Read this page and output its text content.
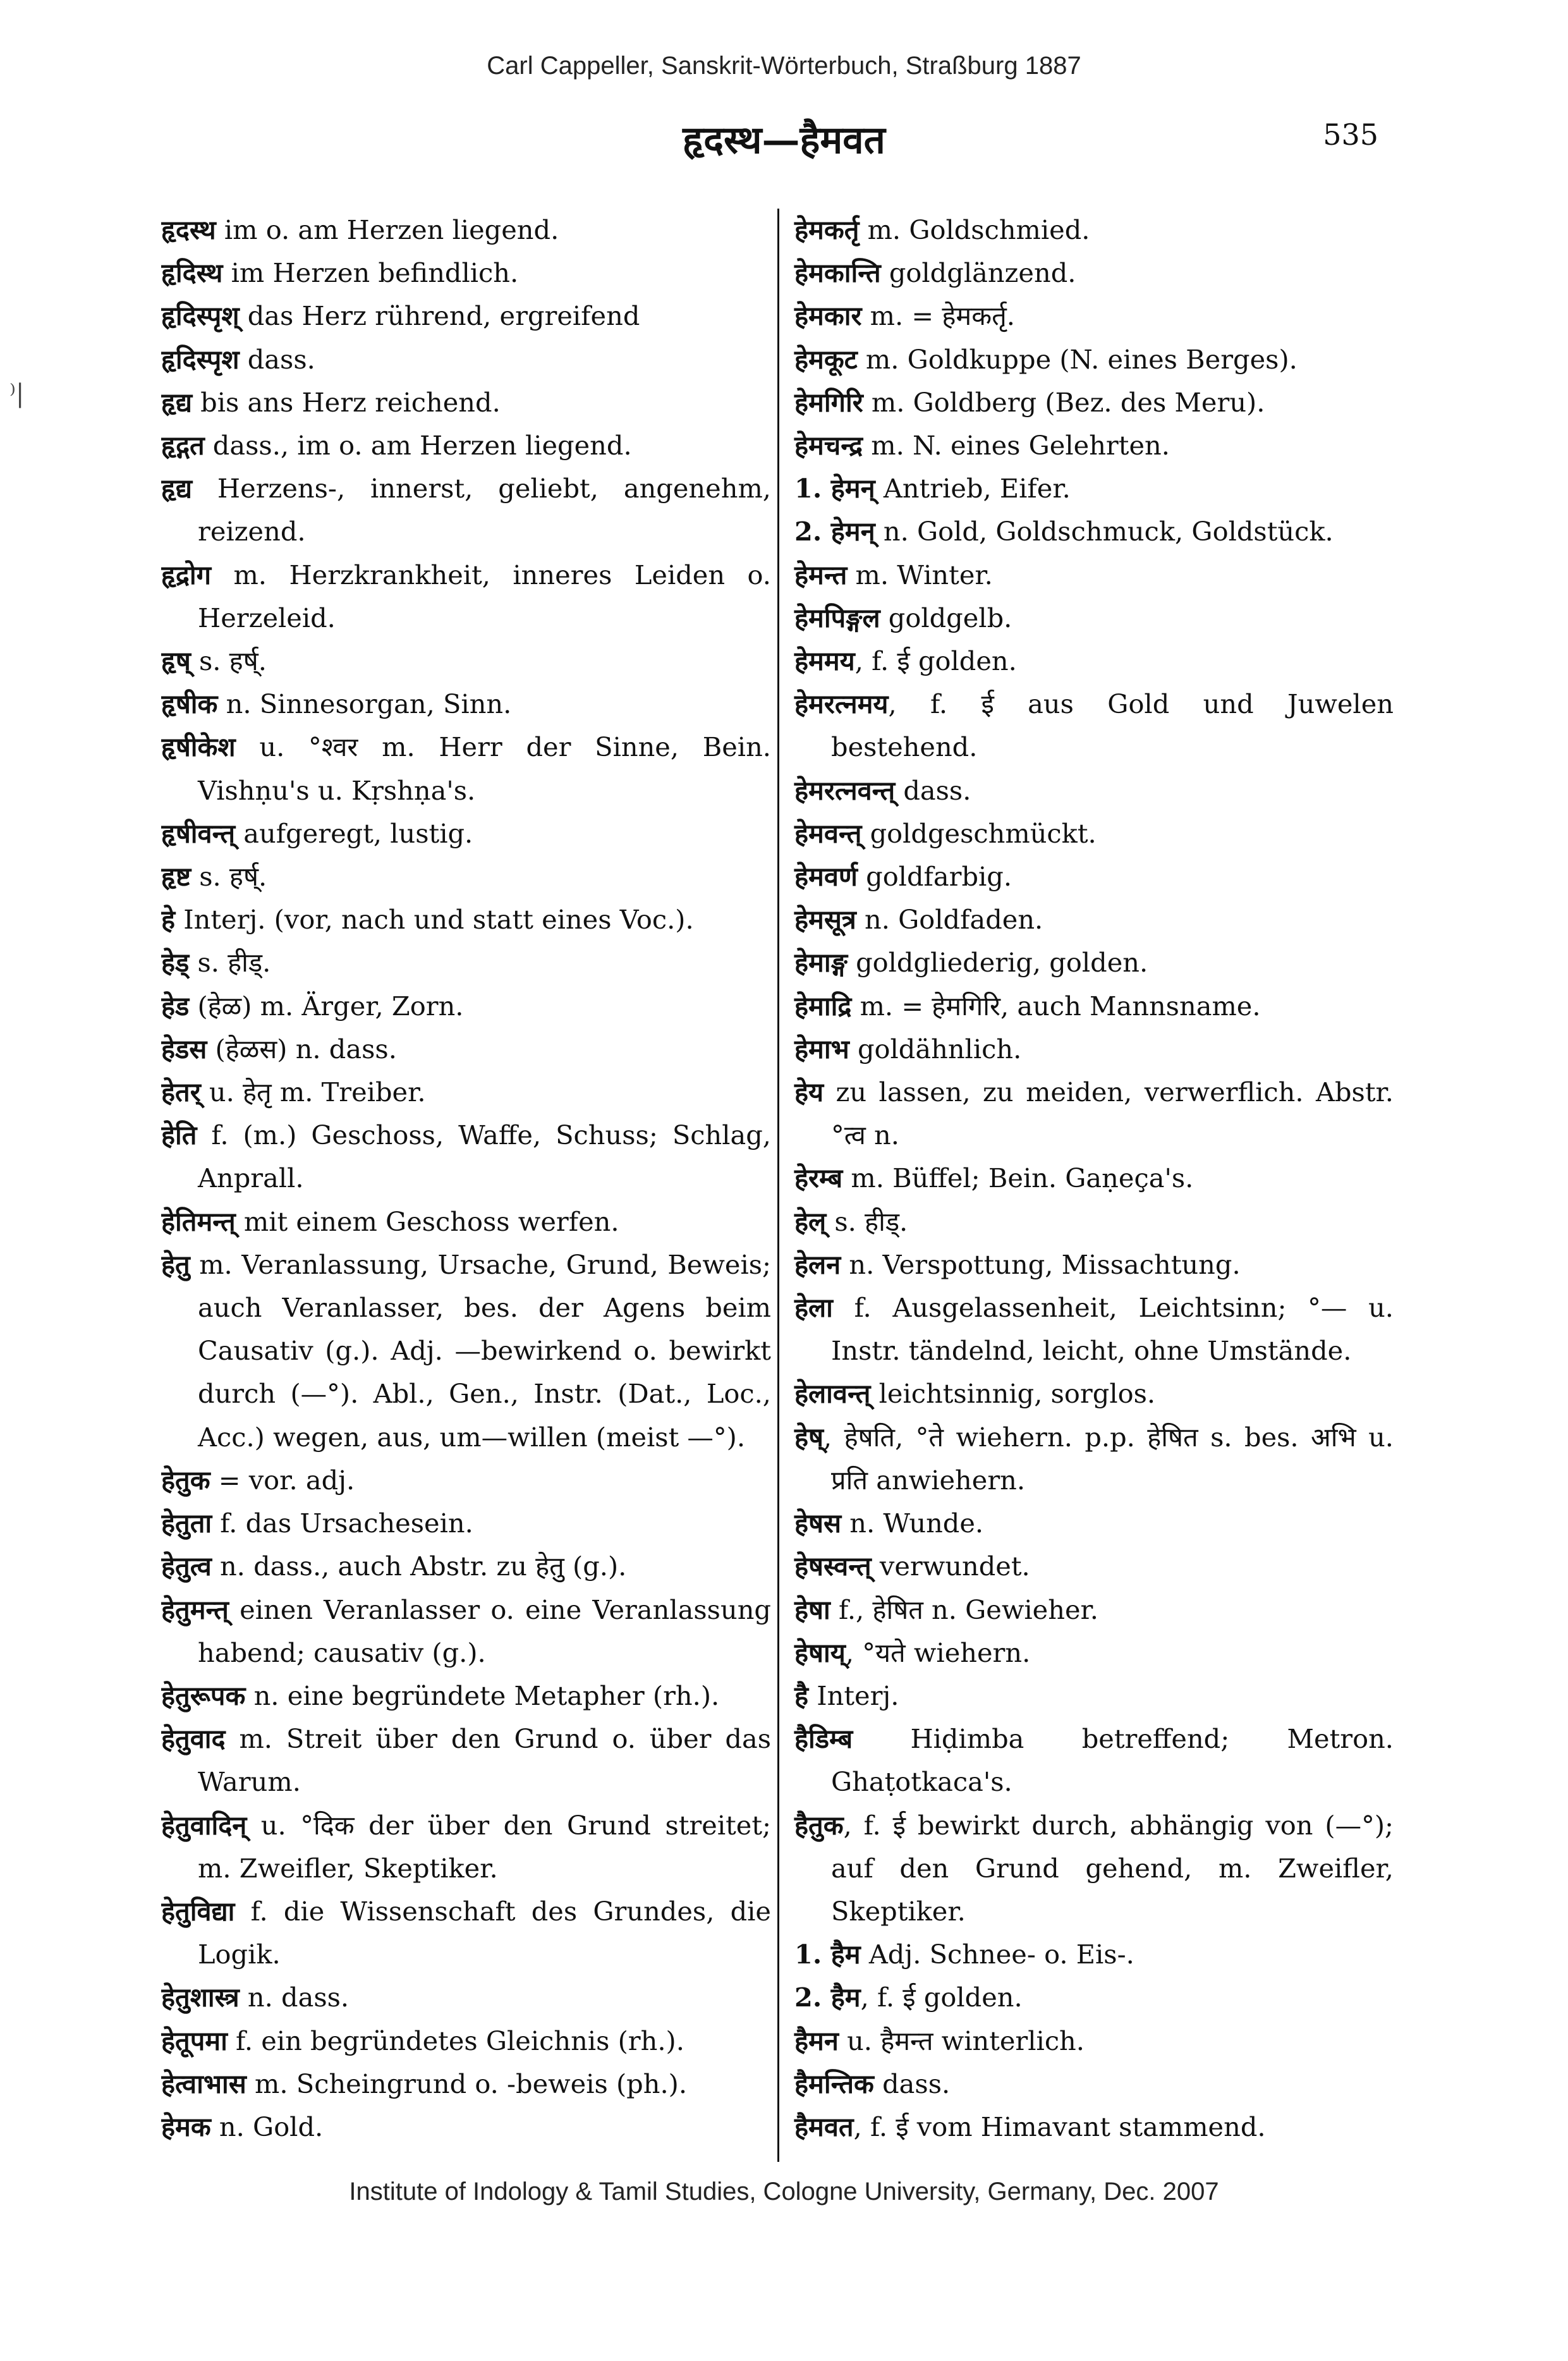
Carl Cappeller, Sanskrit-Wörterbuch, Straßburg 1887
हृदस्थ—हैमवत	535
⁾|
हृदस्थ im o. am Herzen liegend.
हृदिस्थ im Herzen befindlich.
हृदिस्पृश् das Herz rührend, ergreifend
हृदिस्पृश dass.
हृद्य bis ans Herz reichend.
हृद्गत dass., im o. am Herzen liegend.
हृद्य Herzens-, innerst, geliebt, angenehm, reizend.
हृद्रोग m. Herzkrankheit, inneres Leiden o. Herzeleid.
हृष् s. हर्ष्.
हृषीक n. Sinnesorgan, Sinn.
हृषीकेश u. °श्वर m. Herr der Sinne, Bein. Vishṇu's u. Kṛshṇa's.
हृषीवन्त् aufgeregt, lustig.
हृष्ट s. हर्ष्.
हे Interj. (vor, nach und statt eines Voc.).
हेड् s. हीड्.
हेड (हेळ) m. Ärger, Zorn.
हेडस (हेळस) n. dass.
हेतर् u. हेतृ m. Treiber.
हेति f. (m.) Geschoss, Waffe, Schuss; Schlag, Anprall.
हेतिमन्त् mit einem Geschoss werfen.
हेतु m. Veranlassung, Ursache, Grund, Beweis; auch Veranlasser, bes. der Agens beim Causativ (g.). Adj. —bewirkend o. bewirkt durch (—°). Abl., Gen., Instr. (Dat., Loc., Acc.) wegen, aus, um—willen (meist —°).
हेतुक = vor. adj.
हेतुता f. das Ursachesein.
हेतुत्व n. dass., auch Abstr. zu हेतु (g.).
हेतुमन्त् einen Veranlasser o. eine Veranlassung habend; causativ (g.).
हेतुरूपक n. eine begründete Metapher (rh.).
हेतुवाद m. Streit über den Grund o. über das Warum.
हेतुवादिन् u. °दिक der über den Grund streitet; m. Zweifler, Skeptiker.
हेतुविद्या f. die Wissenschaft des Grundes, die Logik.
हेतुशास्त्र n. dass.
हेतूपमा f. ein begründetes Gleichnis (rh.).
हेत्वाभास m. Scheingrund o. -beweis (ph.).
हेमक n. Gold.
हेमकर्तृ m. Goldschmied.
हेमकान्ति goldglänzend.
हेमकार m. = हेमकर्तृ.
हेमकूट m. Goldkuppe (N. eines Berges).
हेमगिरि m. Goldberg (Bez. des Meru).
हेमचन्द्र m. N. eines Gelehrten.
1. हेमन् Antrieb, Eifer.
2. हेमन् n. Gold, Goldschmuck, Goldstück.
हेमन्त m. Winter.
हेमपिङ्गल goldgelb.
हेममय, f. ई golden.
हेमरत्नमय, f. ई aus Gold und Juwelen bestehend.
हेमरत्नवन्त् dass.
हेमवन्त् goldgeschmückt.
हेमवर्ण goldfarbig.
हेमसूत्र n. Goldfaden.
हेमाङ्ग goldgliederig, golden.
हेमाद्रि m. = हेमगिरि, auch Mannsname.
हेमाभ goldähnlich.
हेय zu lassen, zu meiden, verwerflich. Abstr. °त्व n.
हेरम्ब m. Büffel; Bein. Gaṇeça's.
हेल् s. हीड्.
हेलन n. Verspottung, Missachtung.
हेला f. Ausgelassenheit, Leichtsinn; °— u. Instr. tändelnd, leicht, ohne Umstände.
हेलावन्त् leichtsinnig, sorglos.
हेष्, हेषति, °ते wiehern. p.p. हेषित s. bes. अभि u. प्रति anwiehern.
हेषस n. Wunde.
हेषस्वन्त् verwundet.
हेषा f., हेषित n. Gewieher.
हेषाय्, °यते wiehern.
है Interj.
हैडिम्ब Hiḍimba betreffend; Metron. Ghaṭotkaca's.
हैतुक, f. ई bewirkt durch, abhängig von (—°); auf den Grund gehend, m. Zweifler, Skeptiker.
1. हैम Adj. Schnee- o. Eis-.
2. हैम, f. ई golden.
हैमन u. हैमन्त winterlich.
हैमन्तिक dass.
हैमवत, f. ई vom Himavant stammend.
Institute of Indology & Tamil Studies, Cologne University, Germany, Dec. 2007
